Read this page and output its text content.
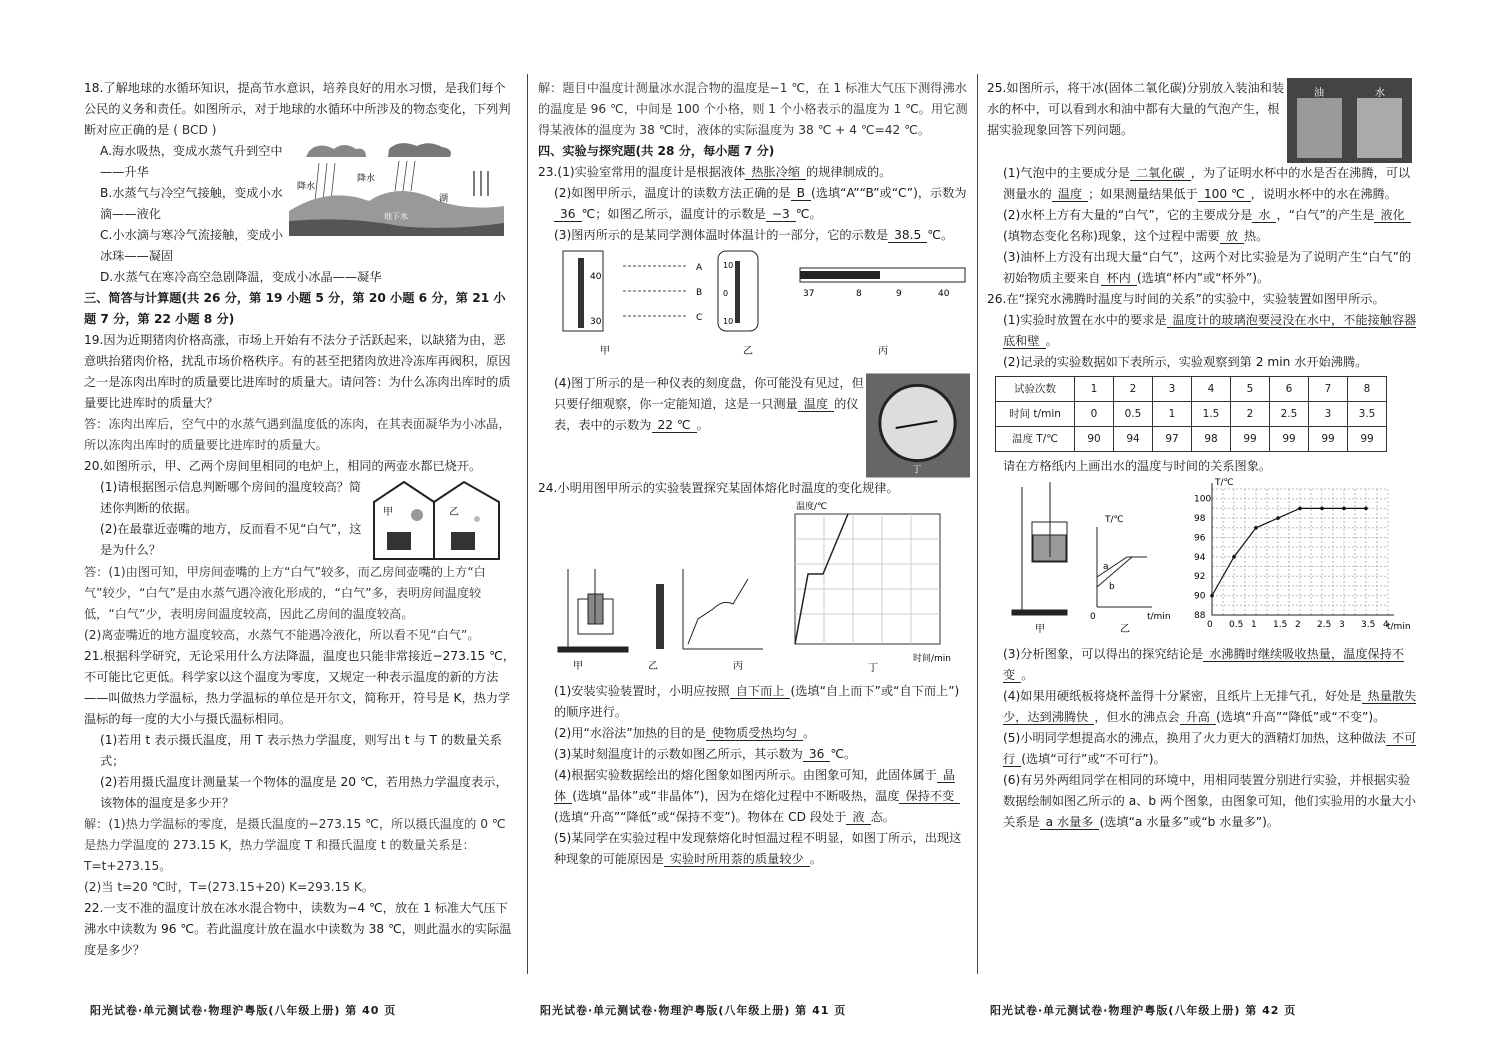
18.了解地球的水循环知识，提高节水意识，培养良好的用水习惯，是我们每个公民的义务和责任。如图所示，对于地球的水循环中所涉及的物态变化，下列判断对应正确的是 ( BCD )

A.海水吸热，变成水蒸气升到空中——升华

B.水蒸气与冷空气接触，变成小水滴——液化

C.小水滴与寒冷气流接触，变成小冰珠——凝固

降水
降水
地下水
湖

D.水蒸气在寒冷高空急剧降温，变成小冰晶——凝华

三、简答与计算题(共 26 分，第 19 小题 5 分，第 20 小题 6 分，第 21 小题 7 分，第 22 小题 8 分)

19.因为近期猪肉价格高涨，市场上开始有不法分子活跃起来，以缺猪为由，恶意哄抬猪肉价格，扰乱市场价格秩序。有的甚至把猪肉放进冷冻库再阀积，原因之一是冻肉出库时的质量要比进库时的质量大。请问答：为什么冻肉出库时的质量要比进库时的质量大？

答：冻肉出库后，空气中的水蒸气遇到温度低的冻肉，在其表面凝华为小冰晶，所以冻肉出库时的质量要比进库时的质量大。

20.如图所示，甲、乙两个房间里相同的电炉上，相同的两壶水都已烧开。

(1)请根据图示信息判断哪个房间的温度较高？简述你判断的依据。

(2)在最靠近壶嘴的地方，反而看不见“白气”，这是为什么？

甲	乙

答：(1)由图可知，甲房间壶嘴的上方“白气”较多，而乙房间壶嘴的上方“白气”较少，“白气”是由水蒸气遇冷液化形成的，“白气”多，表明房间温度较低，“白气”少，表明房间温度较高，因此乙房间的温度较高。

(2)离壶嘴近的地方温度较高，水蒸气不能遇冷液化，所以看不见“白气”。

21.根据科学研究，无论采用什么方法降温，温度也只能非常接近−273.15 ℃，不可能比它更低。科学家以这个温度为零度，又规定一种表示温度的新的方法——叫做热力学温标，热力学温标的单位是开尔文，简称开，符号是 K，热力学温标的每一度的大小与摄氏温标相同。

(1)若用 t 表示摄氏温度，用 T 表示热力学温度，则写出 t 与 T 的数量关系式；

(2)若用摄氏温度计测量某一个物体的温度是 20 ℃，若用热力学温度表示，该物体的温度是多少开？

解：(1)热力学温标的零度，是摄氏温度的−273.15 ℃，所以摄氏温度的 0 ℃是热力学温度的 273.15 K，热力学温度 T 和摄氏温度 t 的数量关系是：T=t+273.15。

(2)当 t=20 ℃时，T=(273.15+20) K=293.15 K。

22.一支不准的温度计放在冰水混合物中，读数为−4 ℃，放在 1 标准大气压下沸水中读数为 96 ℃。若此温度计放在温水中读数为 38 ℃，则此温水的实际温度是多少？

解：题目中温度计测量冰水混合物的温度是−1 ℃，在 1 标准大气压下测得沸水的温度是 96 ℃，中间是 100 个小格，则 1 个小格表示的温度为 1 ℃。用它测得某液体的温度为 38 ℃时，液体的实际温度为 38 ℃ + 4 ℃=42 ℃。

四、实验与探究题(共 28 分，每小题 7 分)

23.(1)实验室常用的温度计是根据液体 热胀冷缩 的规律制成的。

(2)如图甲所示，温度计的读数方法正确的是 B (选填“A”“B”或“C”)，示数为36 ℃；如图乙所示，温度计的示数是 −3 ℃。

(3)图丙所示的是某同学测体温时体温计的一部分，它的示数是 38.5 ℃。

40
30
A
B
C
10
0
10
37	8	9	40
甲	乙	丙

(4)图丁所示的是一种仪表的刻度盘，你可能没有见过，但只要仔细观察，你一定能知道，这是一只测量 温度 的仪表，表中的示数为 22 ℃ 。

丁

24.小明用图甲所示的实验装置探究某固体熔化时温度的变化规律。

甲	乙	丙
温度/℃
时间/min
丁

(1)安装实验装置时，小明应按照 自下而上 (选填“自上而下”或“自下而上”)的顺序进行。

(2)用“水浴法”加热的目的是 使物质受热均匀 。

(3)某时刻温度计的示数如图乙所示，其示数为 36 ℃。

(4)根据实验数据绘出的熔化图象如图丙所示。由图象可知，此固体属于 晶体 (选填“晶体”或“非晶体”)，因为在熔化过程中不断吸热，温度 保持不变(选填“升高”“降低”或“保持不变”)。物体在 CD 段处于 液 态。

(5)某同学在实验过程中发现蔡熔化时恒温过程不明显，如图丁所示，出现这种现象的可能原因是 实验时所用萘的质量较少 。

25.如图所示，将干冰(固体二氧化碳)分别放入装油和装水的杯中，可以看到水和油中都有大量的气泡产生，根据实验现象回答下列问题。

油	水

(1)气泡中的主要成分是 二氧化碳 ，为了证明水杯中的水是否在沸腾，可以测量水的 温度 ；如果测量结果低于 100 ℃ ，说明水杯中的水在沸腾。

(2)水杯上方有大量的“白气”，它的主要成分是 水 ，“白气”的产生是 液化(填物态变化名称)现象，这个过程中需要 放 热。

(3)油杯上方没有出现大量“白气”，这两个对比实验是为了说明产生“白气”的初始物质主要来自 杯内 (选填“杯内”或“杯外”)。

26.在“探究水沸腾时温度与时间的关系”的实验中，实验装置如图甲所示。

(1)实验时放置在水中的要求是 温度计的玻璃泡要浸没在水中，不能接触容器底和壁 。

(2)记录的实验数据如下表所示，实验观察到第 2 min 水开始沸腾。

试验次数	1	2	3	4	5	6	7	8
时间 t/min	0	0.5	1	1.5	2	2.5	3	3.5
温度 T/℃	90	94	97	98	99	99	99	99

请在方格纸内上画出水的温度与时间的关系图象。

甲
T/℃
t/min
0
a
b
乙
100
98
96
94
92
90
88
0 0.5 1 1.5 2 2.5 3 3.5 4
T/℃
t/min

(3)分析图象，可以得出的探究结论是 水沸腾时继续吸收热量，温度保持不变 。

(4)如果用硬纸板将烧杯盖得十分紧密，且纸片上无排气孔，好处是 热量散失少，达到沸腾快 ，但水的沸点会 升高 (选填“升高”“降低”或“不变”)。

(5)小明同学想提高水的沸点，换用了火力更大的酒精灯加热，这种做法 不可行 (选填“可行”或“不可行”)。

(6)有另外两组同学在相同的环境中，用相同装置分别进行实验，并根据实验数据绘制如图乙所示的 a、b 两个图象，由图象可知，他们实验用的水量大小关系是 a 水量多 (选填“a 水量多”或“b 水量多”)。

阳光试卷·单元测试卷·物理沪粤版(八年级上册) 第 40 页	阳光试卷·单元测试卷·物理沪粤版(八年级上册) 第 41 页	阳光试卷·单元测试卷·物理沪粤版(八年级上册) 第 42 页
